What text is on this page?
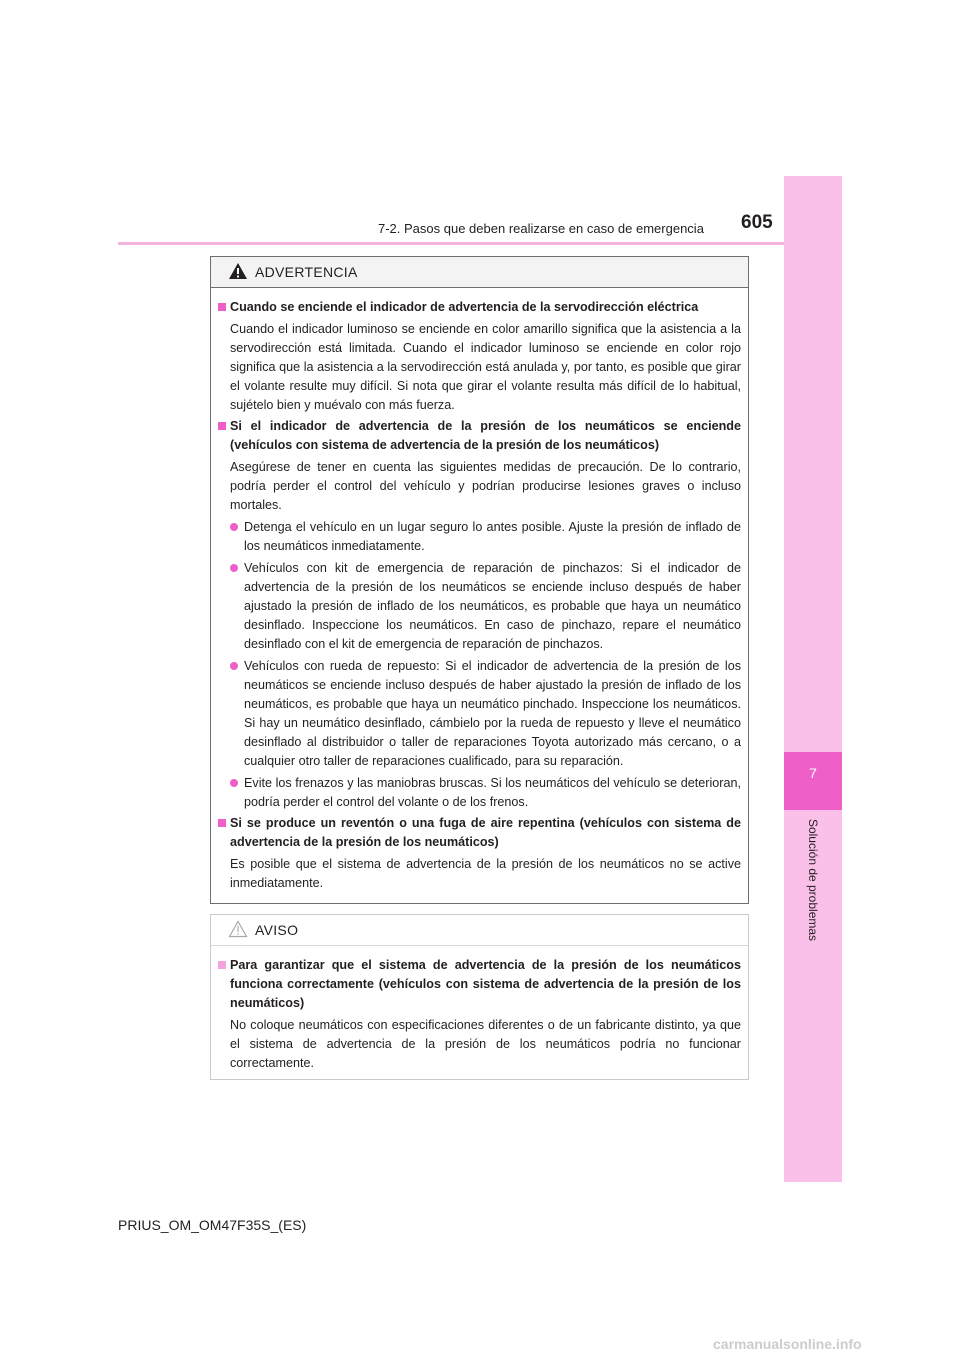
7-2. Pasos que deben realizarse en caso de emergencia 605
7
Solución de problemas
ADVERTENCIA
Cuando se enciende el indicador de advertencia de la servodirección eléctrica
Cuando el indicador luminoso se enciende en color amarillo significa que la asistencia a la servodirección está limitada. Cuando el indicador luminoso se enciende en color rojo significa que la asistencia a la servodirección está anulada y, por tanto, es posible que girar el volante resulte muy difícil. Si nota que girar el volante resulta más difícil de lo habitual, sujételo bien y muévalo con más fuerza.
Si el indicador de advertencia de la presión de los neumáticos se enciende (vehículos con sistema de advertencia de la presión de los neumáticos)
Asegúrese de tener en cuenta las siguientes medidas de precaución. De lo contrario, podría perder el control del vehículo y podrían producirse lesiones graves o incluso mortales.
Detenga el vehículo en un lugar seguro lo antes posible. Ajuste la presión de inflado de los neumáticos inmediatamente.
Vehículos con kit de emergencia de reparación de pinchazos: Si el indicador de advertencia de la presión de los neumáticos se enciende incluso después de haber ajustado la presión de inflado de los neumáticos, es probable que haya un neumático desinflado. Inspeccione los neumáticos. En caso de pinchazo, repare el neumático desinflado con el kit de emergencia de reparación de pinchazos.
Vehículos con rueda de repuesto: Si el indicador de advertencia de la presión de los neumáticos se enciende incluso después de haber ajustado la presión de inflado de los neumáticos, es probable que haya un neumático pinchado. Inspeccione los neumáticos. Si hay un neumático desinflado, cámbielo por la rueda de repuesto y lleve el neumático desinflado al distribuidor o taller de reparaciones Toyota autorizado más cercano, o a cualquier otro taller de reparaciones cualificado, para su reparación.
Evite los frenazos y las maniobras bruscas. Si los neumáticos del vehículo se deterioran, podría perder el control del volante o de los frenos.
Si se produce un reventón o una fuga de aire repentina (vehículos con sistema de advertencia de la presión de los neumáticos)
Es posible que el sistema de advertencia de la presión de los neumáticos no se active inmediatamente.
AVISO
Para garantizar que el sistema de advertencia de la presión de los neumáticos funciona correctamente (vehículos con sistema de advertencia de la presión de los neumáticos)
No coloque neumáticos con especificaciones diferentes o de un fabricante distinto, ya que el sistema de advertencia de la presión de los neumáticos podría no funcionar correctamente.
PRIUS_OM_OM47F35S_(ES)
carmanualsonline.info
